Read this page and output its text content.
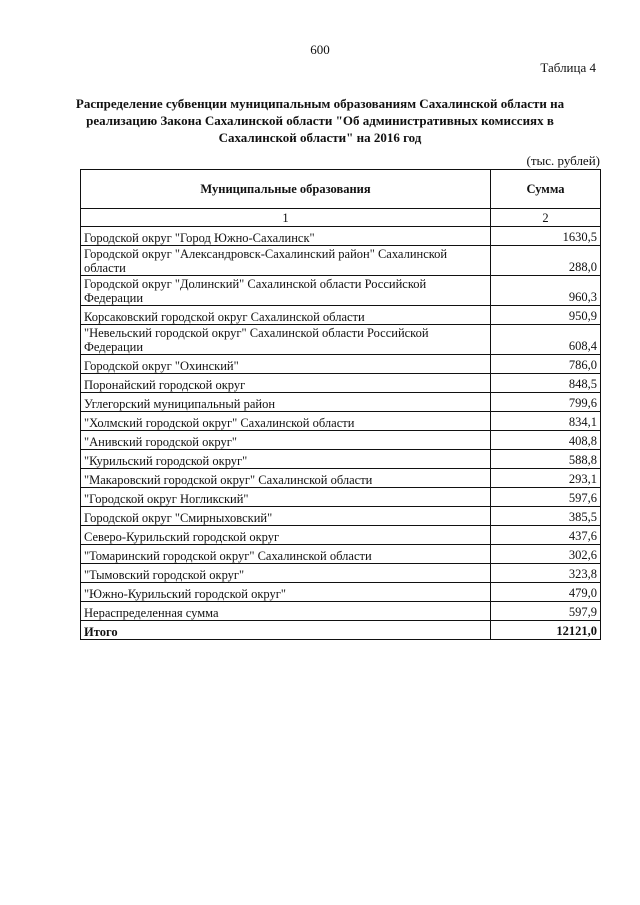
600
Таблица 4
Распределение субвенции муниципальным образованиям Сахалинской области на реализацию Закона Сахалинской области "Об административных комиссиях в Сахалинской области" на 2016 год
(тыс. рублей)
Муниципальные образования	Сумма
1	2
Городской округ "Город Южно-Сахалинск"	1630,5
Городской округ "Александровск-Сахалинский район" Сахалинской области	288,0
Городской округ "Долинский" Сахалинской области Российской Федерации	960,3
Корсаковский городской округ Сахалинской области	950,9
"Невельский городской округ" Сахалинской области Российской Федерации	608,4
Городской округ "Охинский"	786,0
Поронайский городской округ	848,5
Углегорский муниципальный район	799,6
"Холмский городской округ" Сахалинской области	834,1
"Анивский городской округ"	408,8
"Курильский городской округ"	588,8
"Макаровский городской округ" Сахалинской области	293,1
"Городской округ Ногликский"	597,6
Городской округ "Смирныховский"	385,5
Северо-Курильский городской округ	437,6
"Томаринский городской округ" Сахалинской области	302,6
"Тымовский городской округ"	323,8
"Южно-Курильский городской округ"	479,0
Нераспределенная сумма	597,9
Итого	12121,0
